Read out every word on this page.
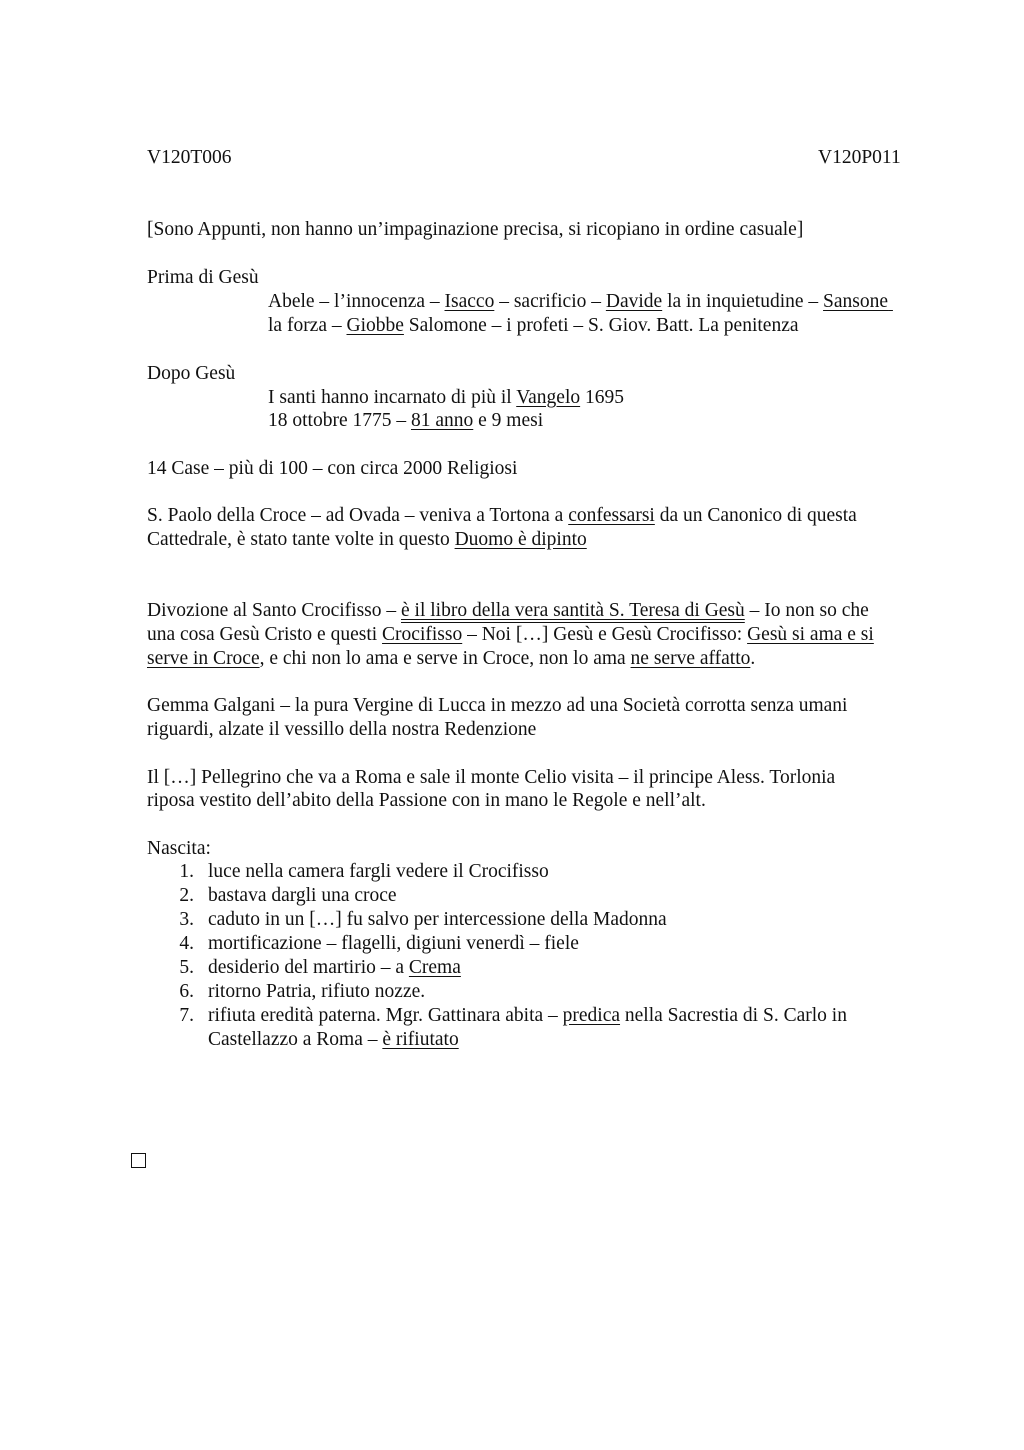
V120T006	V120P011
[Sono Appunti, non hanno un’impaginazione precisa, si ricopiano in ordine casuale]
Prima di Gesù
Abele – l’innocenza – Isacco – sacrificio – Davide la in inquietudine – Sansone
la forza – Giobbe Salomone – i profeti – S. Giov. Batt. La penitenza
Dopo Gesù
I santi hanno incarnato di più il Vangelo 1695
18 ottobre 1775 – 81 anno e 9 mesi
14 Case – più di 100 – con circa 2000 Religiosi
S. Paolo della Croce – ad Ovada – veniva a Tortona a confessarsi da un Canonico di questa
Cattedrale, è stato tante volte in questo Duomo è dipinto
Divozione al Santo Crocifisso – è il libro della vera santità S. Teresa di Gesù – Io non so che
una cosa Gesù Cristo e questi Crocifisso – Noi […] Gesù e Gesù Crocifisso: Gesù si ama e si
serve in Croce, e chi non lo ama e serve in Croce, non lo ama ne serve affatto.
Gemma Galgani – la pura Vergine di Lucca in mezzo ad una Società corrotta senza umani
riguardi, alzate il vessillo della nostra Redenzione
Il […] Pellegrino che va a Roma e sale il monte Celio visita – il principe Aless. Torlonia
riposa vestito dell’abito della Passione con in mano le Regole e nell’alt.
Nascita:
1. luce nella camera fargli vedere il Crocifisso
2. bastava dargli una croce
3. caduto in un […] fu salvo per intercessione della Madonna
4. mortificazione – flagelli, digiuni venerdì – fiele
5. desiderio del martirio – a Crema
6. ritorno Patria, rifiuto nozze.
7. rifiuta eredità paterna. Mgr. Gattinara abita – predica nella Sacrestia di S. Carlo in
Castellazzo a Roma – è rifiutato
